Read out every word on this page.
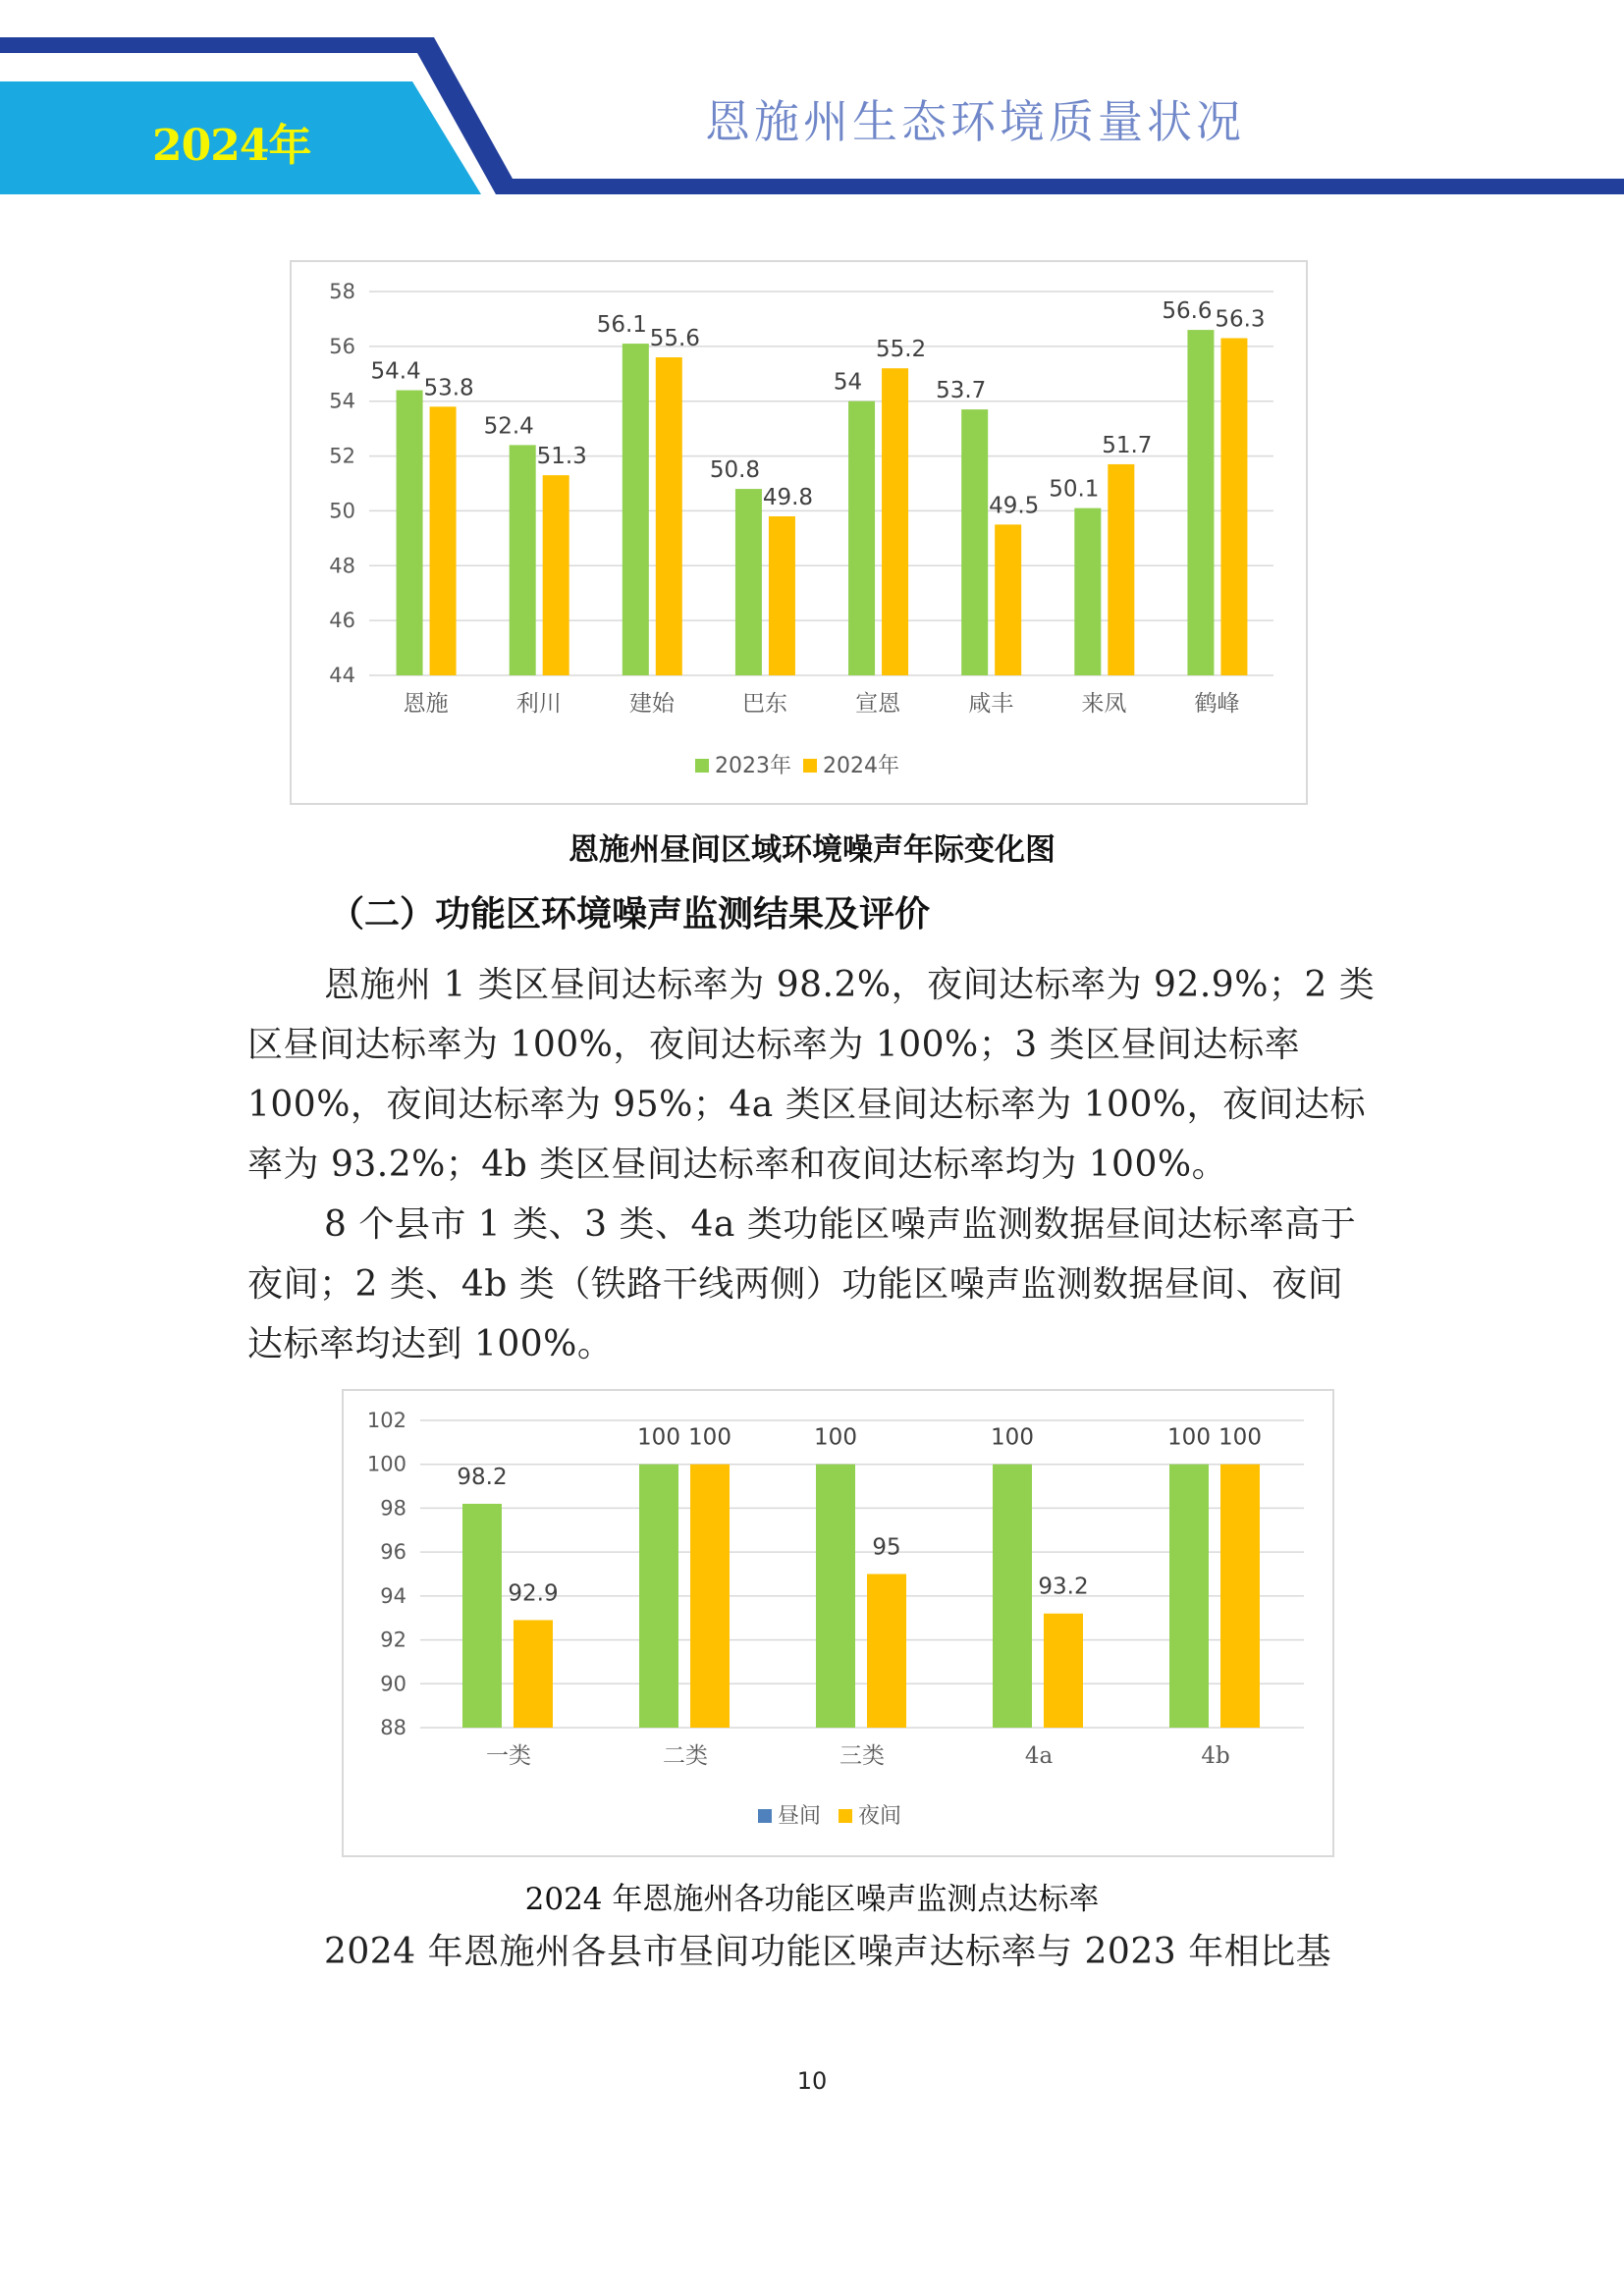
2024年	恩施州生态环境质量状况
44
46
48
50
52
54
56
58
54.4
53.8
恩施
52.4
51.3
利川
56.1
55.6
建始
50.8
49.8
巴东
54
55.2
宣恩
53.7
49.5
咸丰
50.1
51.7
来凤
56.6 56.3
鹤峰
2023年 2024年
恩施州昼间区域环境噪声年际变化图
（二）功能区环境噪声监测结果及评价

恩施州 1 类区昼间达标率为 98.2%，夜间达标率为 92.9%；2 类区昼间达标率为 100%，夜间达标率为 100%；3 类区昼间达标率 100%，夜间达标率为 95%；4a 类区昼间达标率为 100%，夜间达标率为 93.2%；4b 类区昼间达标率和夜间达标率均为 100%。

8 个县市 1 类、3 类、4a 类功能区噪声监测数据昼间达标率高于夜间；2 类、4b 类（铁路干线两侧）功能区噪声监测数据昼间、夜间达标率均达到 100%。

88
90
92
94
96
98
100
102
98.2
92.9
一类
100 100
二类
100
95
三类
100
93.2
4a
100 100
4b
昼间 夜间
2024 年恩施州各功能区噪声监测点达标率

2024 年恩施州各县市昼间功能区噪声达标率与 2023 年相比基

10
